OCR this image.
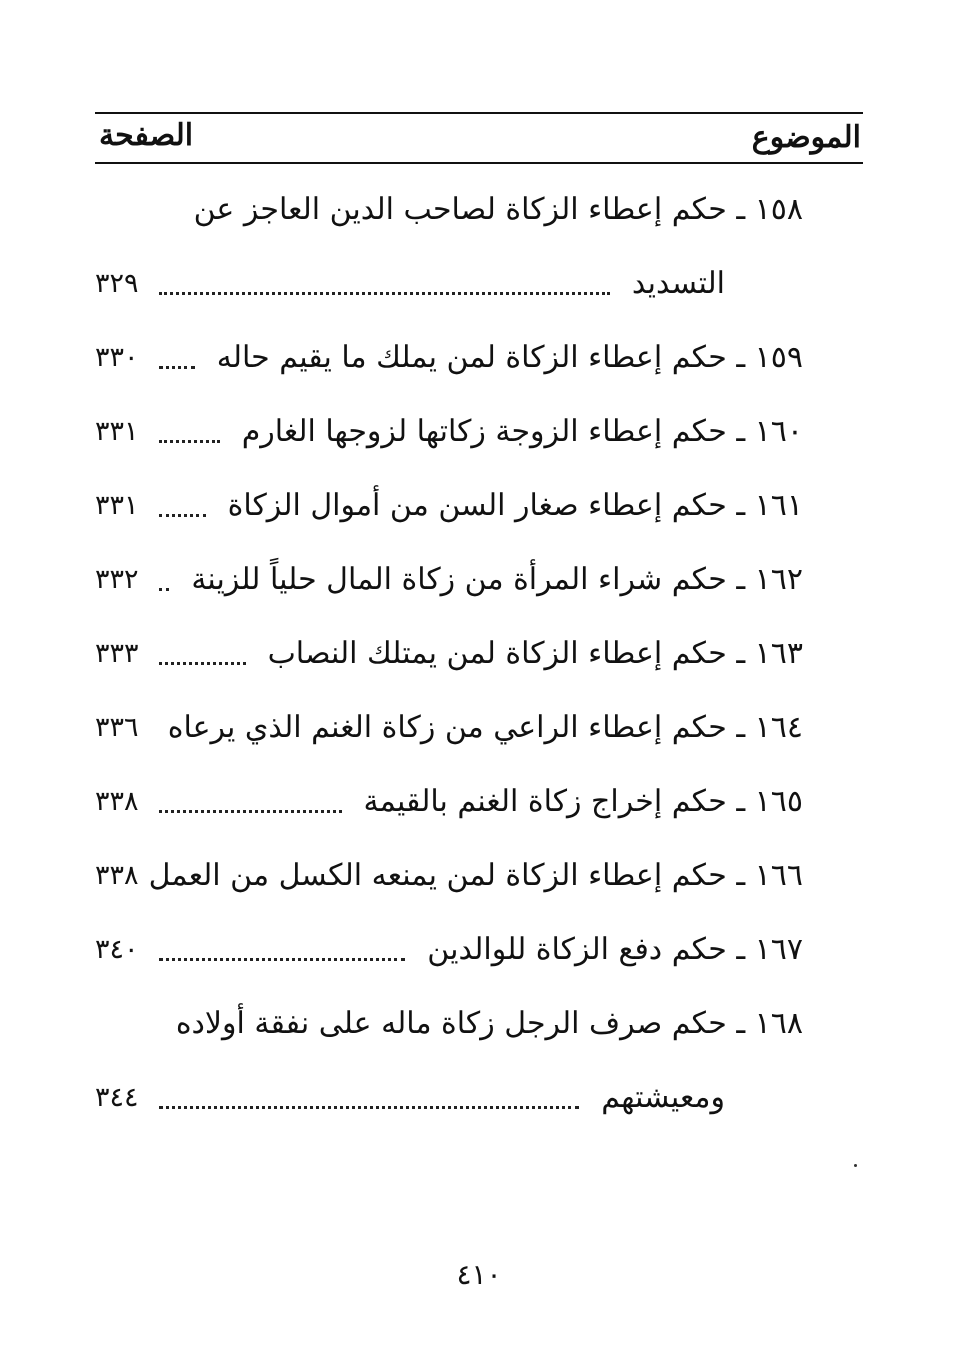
الموضوع
الصفحة
١٥٨ ـ حكم إعطاء الزكاة لصاحب الدين العاجز عن
التسديد
٣٢٩
١٥٩ ـ حكم إعطاء الزكاة لمن يملك ما يقيم حاله
٣٣٠
١٦٠ ـ حكم إعطاء الزوجة زكاتها لزوجها الغارم
٣٣١
١٦١ ـ حكم إعطاء صغار السن من أموال الزكاة
٣٣١
١٦٢ ـ حكم شراء المرأة من زكاة المال حلياً للزينة
٣٣٢
١٦٣ ـ حكم إعطاء الزكاة لمن يمتلك النصاب
٣٣٣
١٦٤ ـ حكم إعطاء الراعي من زكاة الغنم الذي يرعاه
٣٣٦
١٦٥ ـ حكم إخراج زكاة الغنم بالقيمة
٣٣٨
١٦٦ ـ حكم إعطاء الزكاة لمن يمنعه الكسل من العمل
٣٣٨
١٦٧ ـ حكم دفع الزكاة للوالدين
٣٤٠
١٦٨ ـ حكم صرف الرجل زكاة ماله على نفقة أولاده
ومعيشتهم
٣٤٤
٤١٠
